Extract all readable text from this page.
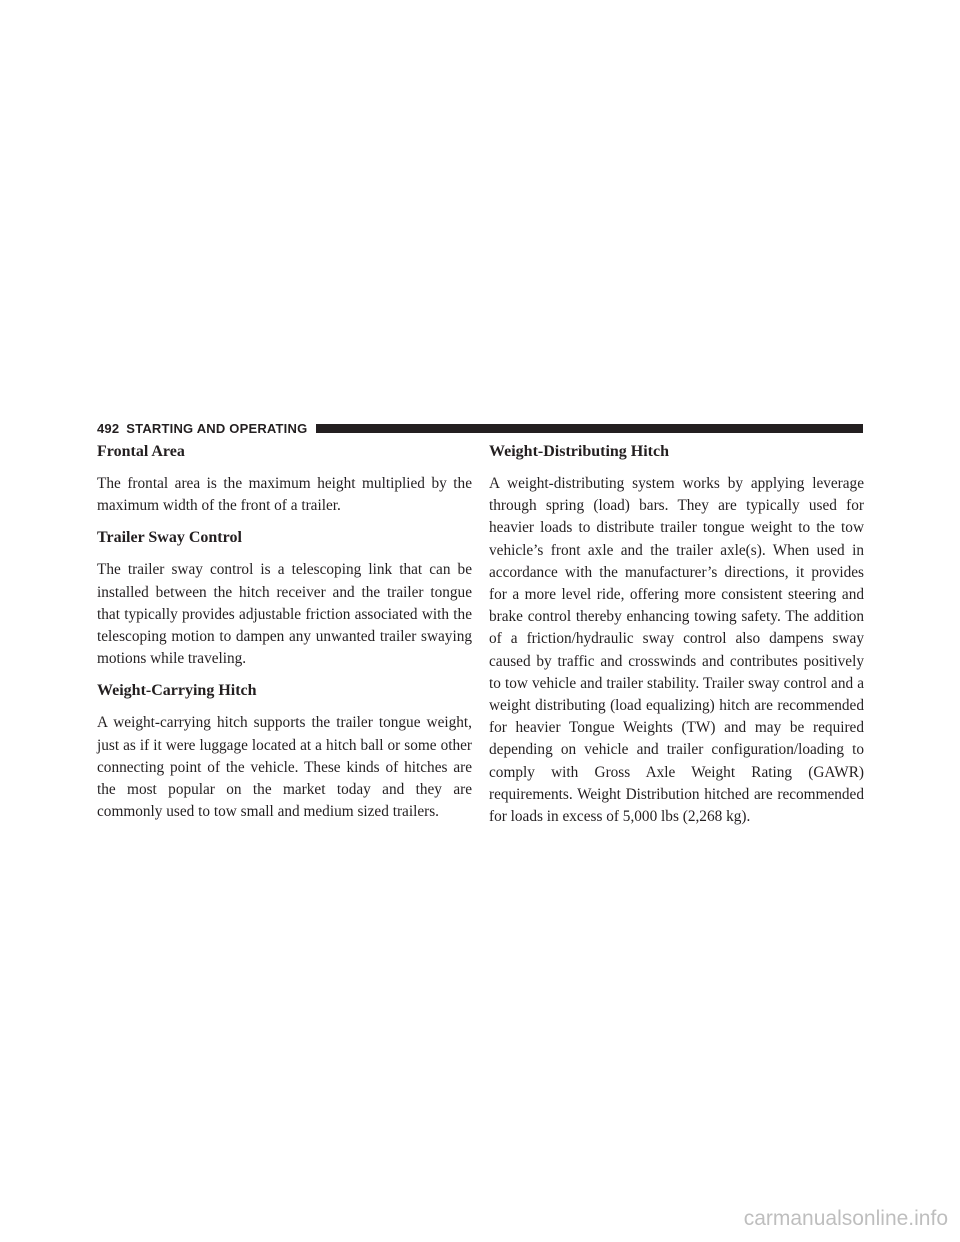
492 STARTING AND OPERATING
Frontal Area

The frontal area is the maximum height multiplied by the maximum width of the front of a trailer.

Trailer Sway Control

The trailer sway control is a telescoping link that can be installed between the hitch receiver and the trailer tongue that typically provides adjustable friction associated with the telescoping motion to dampen any unwanted trailer swaying motions while traveling.

Weight-Carrying Hitch

A weight-carrying hitch supports the trailer tongue weight, just as if it were luggage located at a hitch ball or some other connecting point of the vehicle. These kinds of hitches are the most popular on the market today and they are commonly used to tow small and medium sized trailers.

Weight-Distributing Hitch

A weight-distributing system works by applying leverage through spring (load) bars. They are typically used for heavier loads to distribute trailer tongue weight to the tow vehicle’s front axle and the trailer axle(s). When used in accordance with the manufacturer’s directions, it provides for a more level ride, offering more consistent steering and brake control thereby enhancing towing safety. The addition of a friction/hydraulic sway control also dampens sway caused by traffic and crosswinds and contributes positively to tow vehicle and trailer stability. Trailer sway control and a weight distributing (load equalizing) hitch are recommended for heavier Tongue Weights (TW) and may be required depending on vehicle and trailer configuration/loading to comply with Gross Axle Weight Rating (GAWR) requirements. Weight Distribution hitched are recommended for loads in excess of 5,000 lbs (2,268 kg).

carmanualsonline.info
